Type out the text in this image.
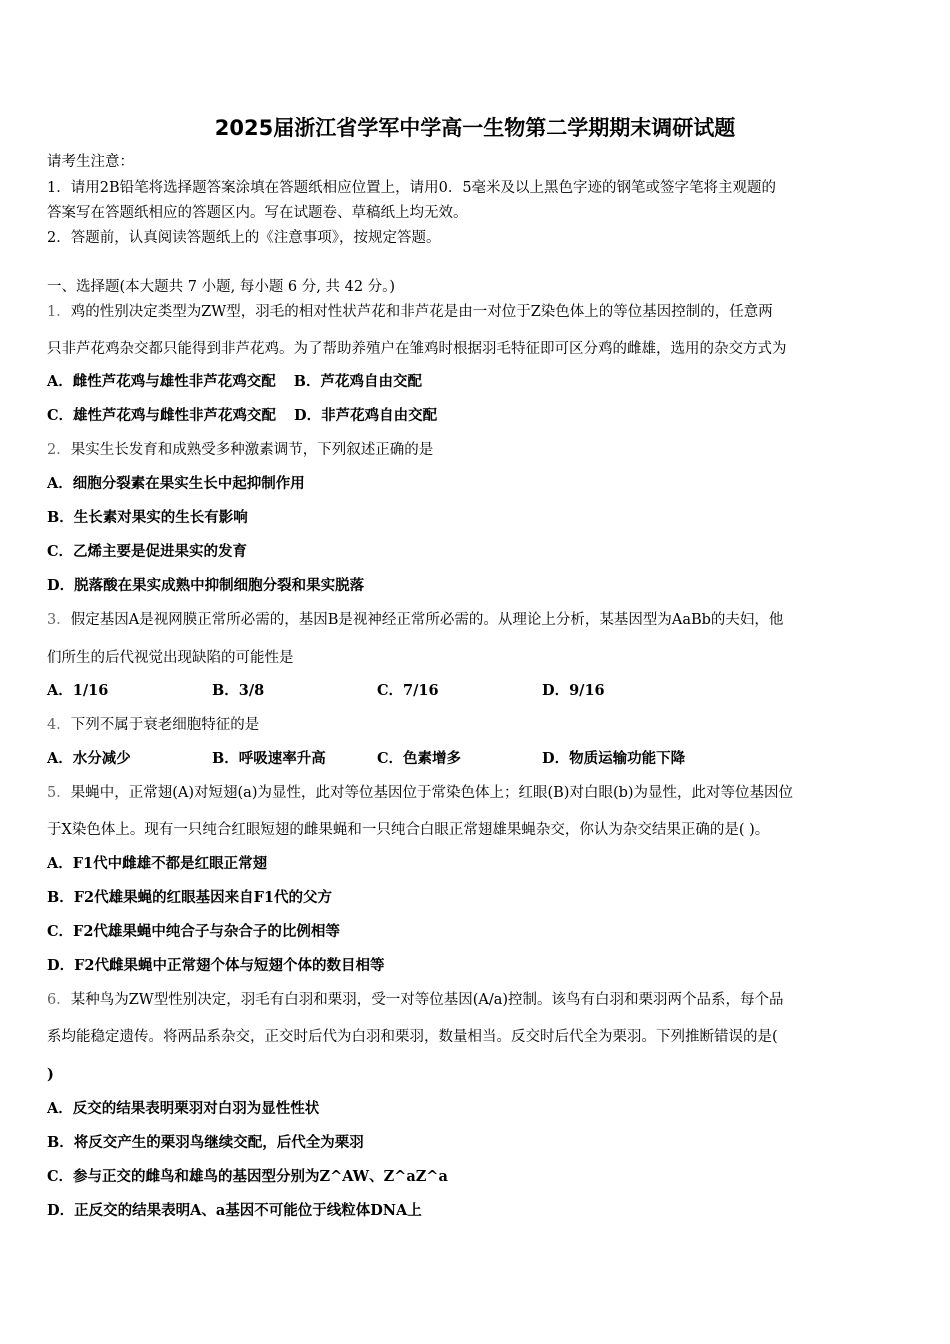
2025届浙江省学军中学高一生物第二学期期末调研试题
请考生注意：
1．请用2B铅笔将选择题答案涂填在答题纸相应位置上，请用0．5毫米及以上黑色字迹的钢笔或签字笔将主观题的
答案写在答题纸相应的答题区内。写在试题卷、草稿纸上均无效。
2．答题前，认真阅读答题纸上的《注意事项》，按规定答题。
一、选择题(本大题共 7 小题, 每小题 6 分, 共 42 分。)
1．鸡的性别决定类型为ZW型，羽毛的相对性状芦花和非芦花是由一对位于Z染色体上的等位基因控制的，任意两
只非芦花鸡杂交都只能得到非芦花鸡。为了帮助养殖户在雏鸡时根据羽毛特征即可区分鸡的雌雄，选用的杂交方式为
A．雌性芦花鸡与雄性非芦花鸡交配 B．芦花鸡自由交配
C．雄性芦花鸡与雌性非芦花鸡交配 D．非芦花鸡自由交配
2．果实生长发育和成熟受多种激素调节，下列叙述正确的是
A．细胞分裂素在果实生长中起抑制作用
B．生长素对果实的生长有影响
C．乙烯主要是促进果实的发育
D．脱落酸在果实成熟中抑制细胞分裂和果实脱落
3．假定基因A是视网膜正常所必需的，基因B是视神经正常所必需的。从理论上分析，某基因型为AaBb的夫妇，他
们所生的后代视觉出现缺陷的可能性是
A．1/16	B．3/8	C．7/16	D．9/16
4．下列不属于衰老细胞特征的是
A．水分减少	B．呼吸速率升高	C．色素增多	D．物质运输功能下降
5．果蝇中，正常翅(A)对短翅(a)为显性，此对等位基因位于常染色体上；红眼(B)对白眼(b)为显性，此对等位基因位
于X染色体上。现有一只纯合红眼短翅的雌果蝇和一只纯合白眼正常翅雄果蝇杂交，你认为杂交结果正确的是( )。
A．F1代中雌雄不都是红眼正常翅
B．F2代雄果蝇的红眼基因来自F1代的父方
C．F2代雄果蝇中纯合子与杂合子的比例相等
D．F2代雌果蝇中正常翅个体与短翅个体的数目相等
6．某种鸟为ZW型性别决定，羽毛有白羽和栗羽，受一对等位基因(A/a)控制。该鸟有白羽和栗羽两个品系，每个品
系均能稳定遗传。将两品系杂交，正交时后代为白羽和栗羽，数量相当。反交时后代全为栗羽。下列推断错误的是(
)
A．反交的结果表明栗羽对白羽为显性性状
B．将反交产生的栗羽鸟继续交配，后代全为栗羽
C．参与正交的雌鸟和雄鸟的基因型分别为Z^AW、Z^aZ^a
D．正反交的结果表明A、a基因不可能位于线粒体DNA上
